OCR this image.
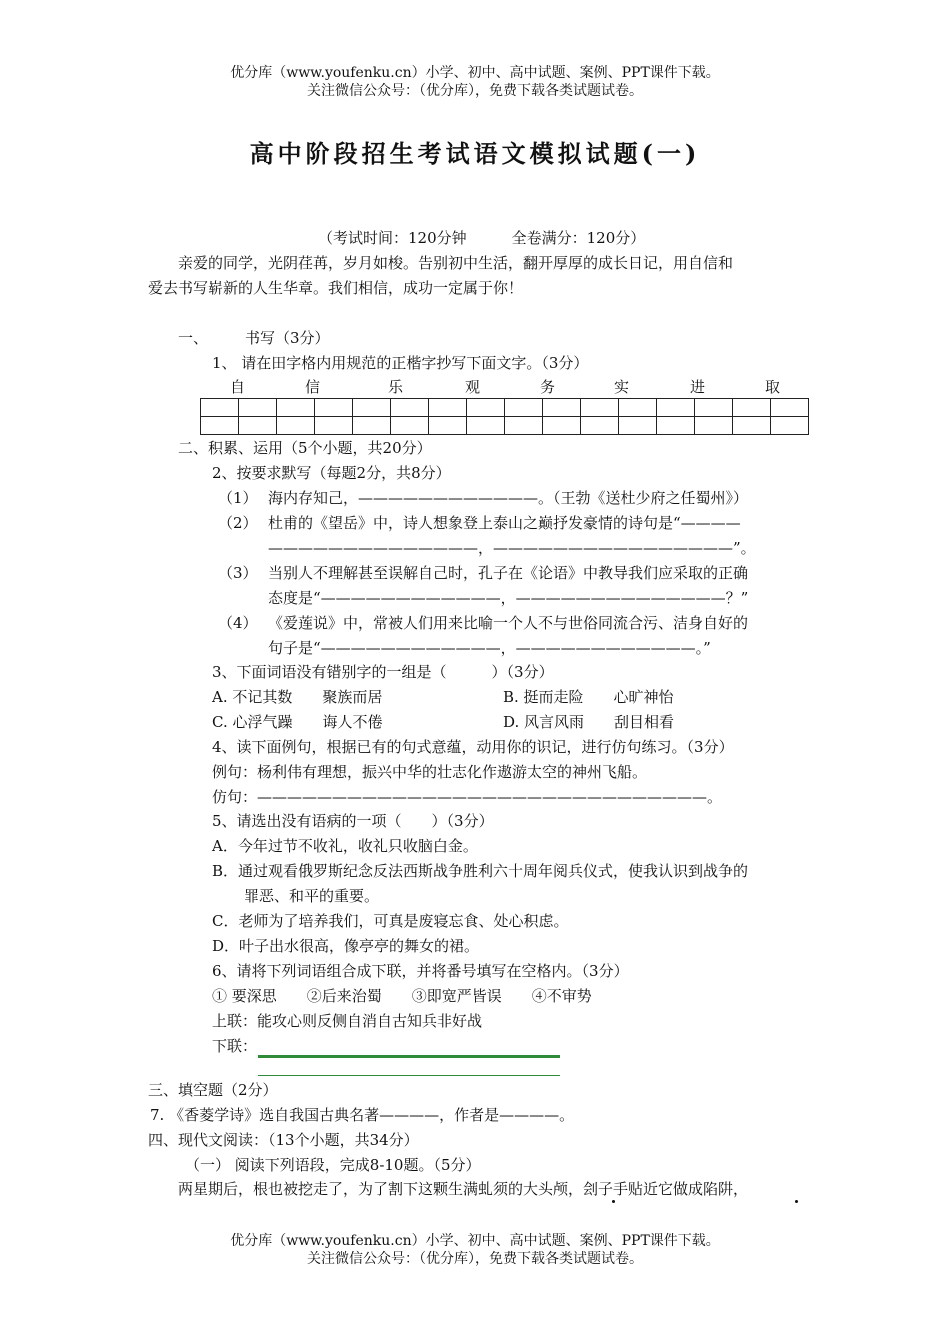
优分库（www.youfenku.cn）小学、初中、高中试题、案例、PPT课件下载。
关注微信公众号：（优分库），免费下载各类试题试卷。
高中阶段招生考试语文模拟试题(一)
（考试时间：120分钟　　　全卷满分：120分）
亲爱的同学，光阴荏苒，岁月如梭。告别初中生活，翻开厚厚的成长日记，用自信和
爱去书写崭新的人生华章。我们相信，成功一定属于你！
一、 书写（3分）
1、 请在田字格内用规范的正楷字抄写下面文字。（3分）
自	信	乐	观	务	实	进	取

二、积累、运用（5个小题，共20分）
2、按要求默写（每题2分，共8分）
（1） 海内存知己，————————————。（王勃《送杜少府之任蜀州》）
（2） 杜甫的《望岳》中，诗人想象登上泰山之巅抒发豪情的诗句是“————
——————————————，————————————————”。
（3） 当别人不理解甚至误解自己时，孔子在《论语》中教导我们应采取的正确
态度是“————————————，——————————————？”
（4） 《爱莲说》中，常被人们用来比喻一个人不与世俗同流合污、洁身自好的
句子是“————————————，————————————。”
3、下面词语没有错别字的一组是（　　　）（3分）
A. 不记其数　　聚族而居	B. 挺而走险　　心旷神怡
C. 心浮气躁　　诲人不倦	D. 风言风雨　　刮目相看
4、读下面例句，根据已有的句式意蕴，动用你的识记，进行仿句练习。（3分）
例句：杨利伟有理想，振兴中华的壮志化作遨游太空的神州飞船。
仿句：——————————————————————————————。
5、请选出没有语病的一项（　　）（3分）
A．今年过节不收礼，收礼只收脑白金。
B．通过观看俄罗斯纪念反法西斯战争胜利六十周年阅兵仪式，使我认识到战争的
罪恶、和平的重要。
C．老师为了培养我们，可真是废寝忘食、处心积虑。
D．叶子出水很高，像亭亭的舞女的裙。
6、请将下列词语组合成下联，并将番号填写在空格内。（3分）
① 要深思　　②后来治蜀　　③即宽严皆误　　④不审势
上联：能攻心则反侧自消自古知兵非好战
下联：
三、填空题（2分）
7. 《香菱学诗》选自我国古典名著————，作者是————。
四、现代文阅读：（13个小题，共34分）
（一） 阅读下列语段，完成8-10题。（5分）
两星期后，根也被挖走了，为了割下这颗生满虬须的大头颅，刽子手贴近它做成陷阱，
优分库（www.youfenku.cn）小学、初中、高中试题、案例、PPT课件下载。
关注微信公众号：（优分库），免费下载各类试题试卷。
